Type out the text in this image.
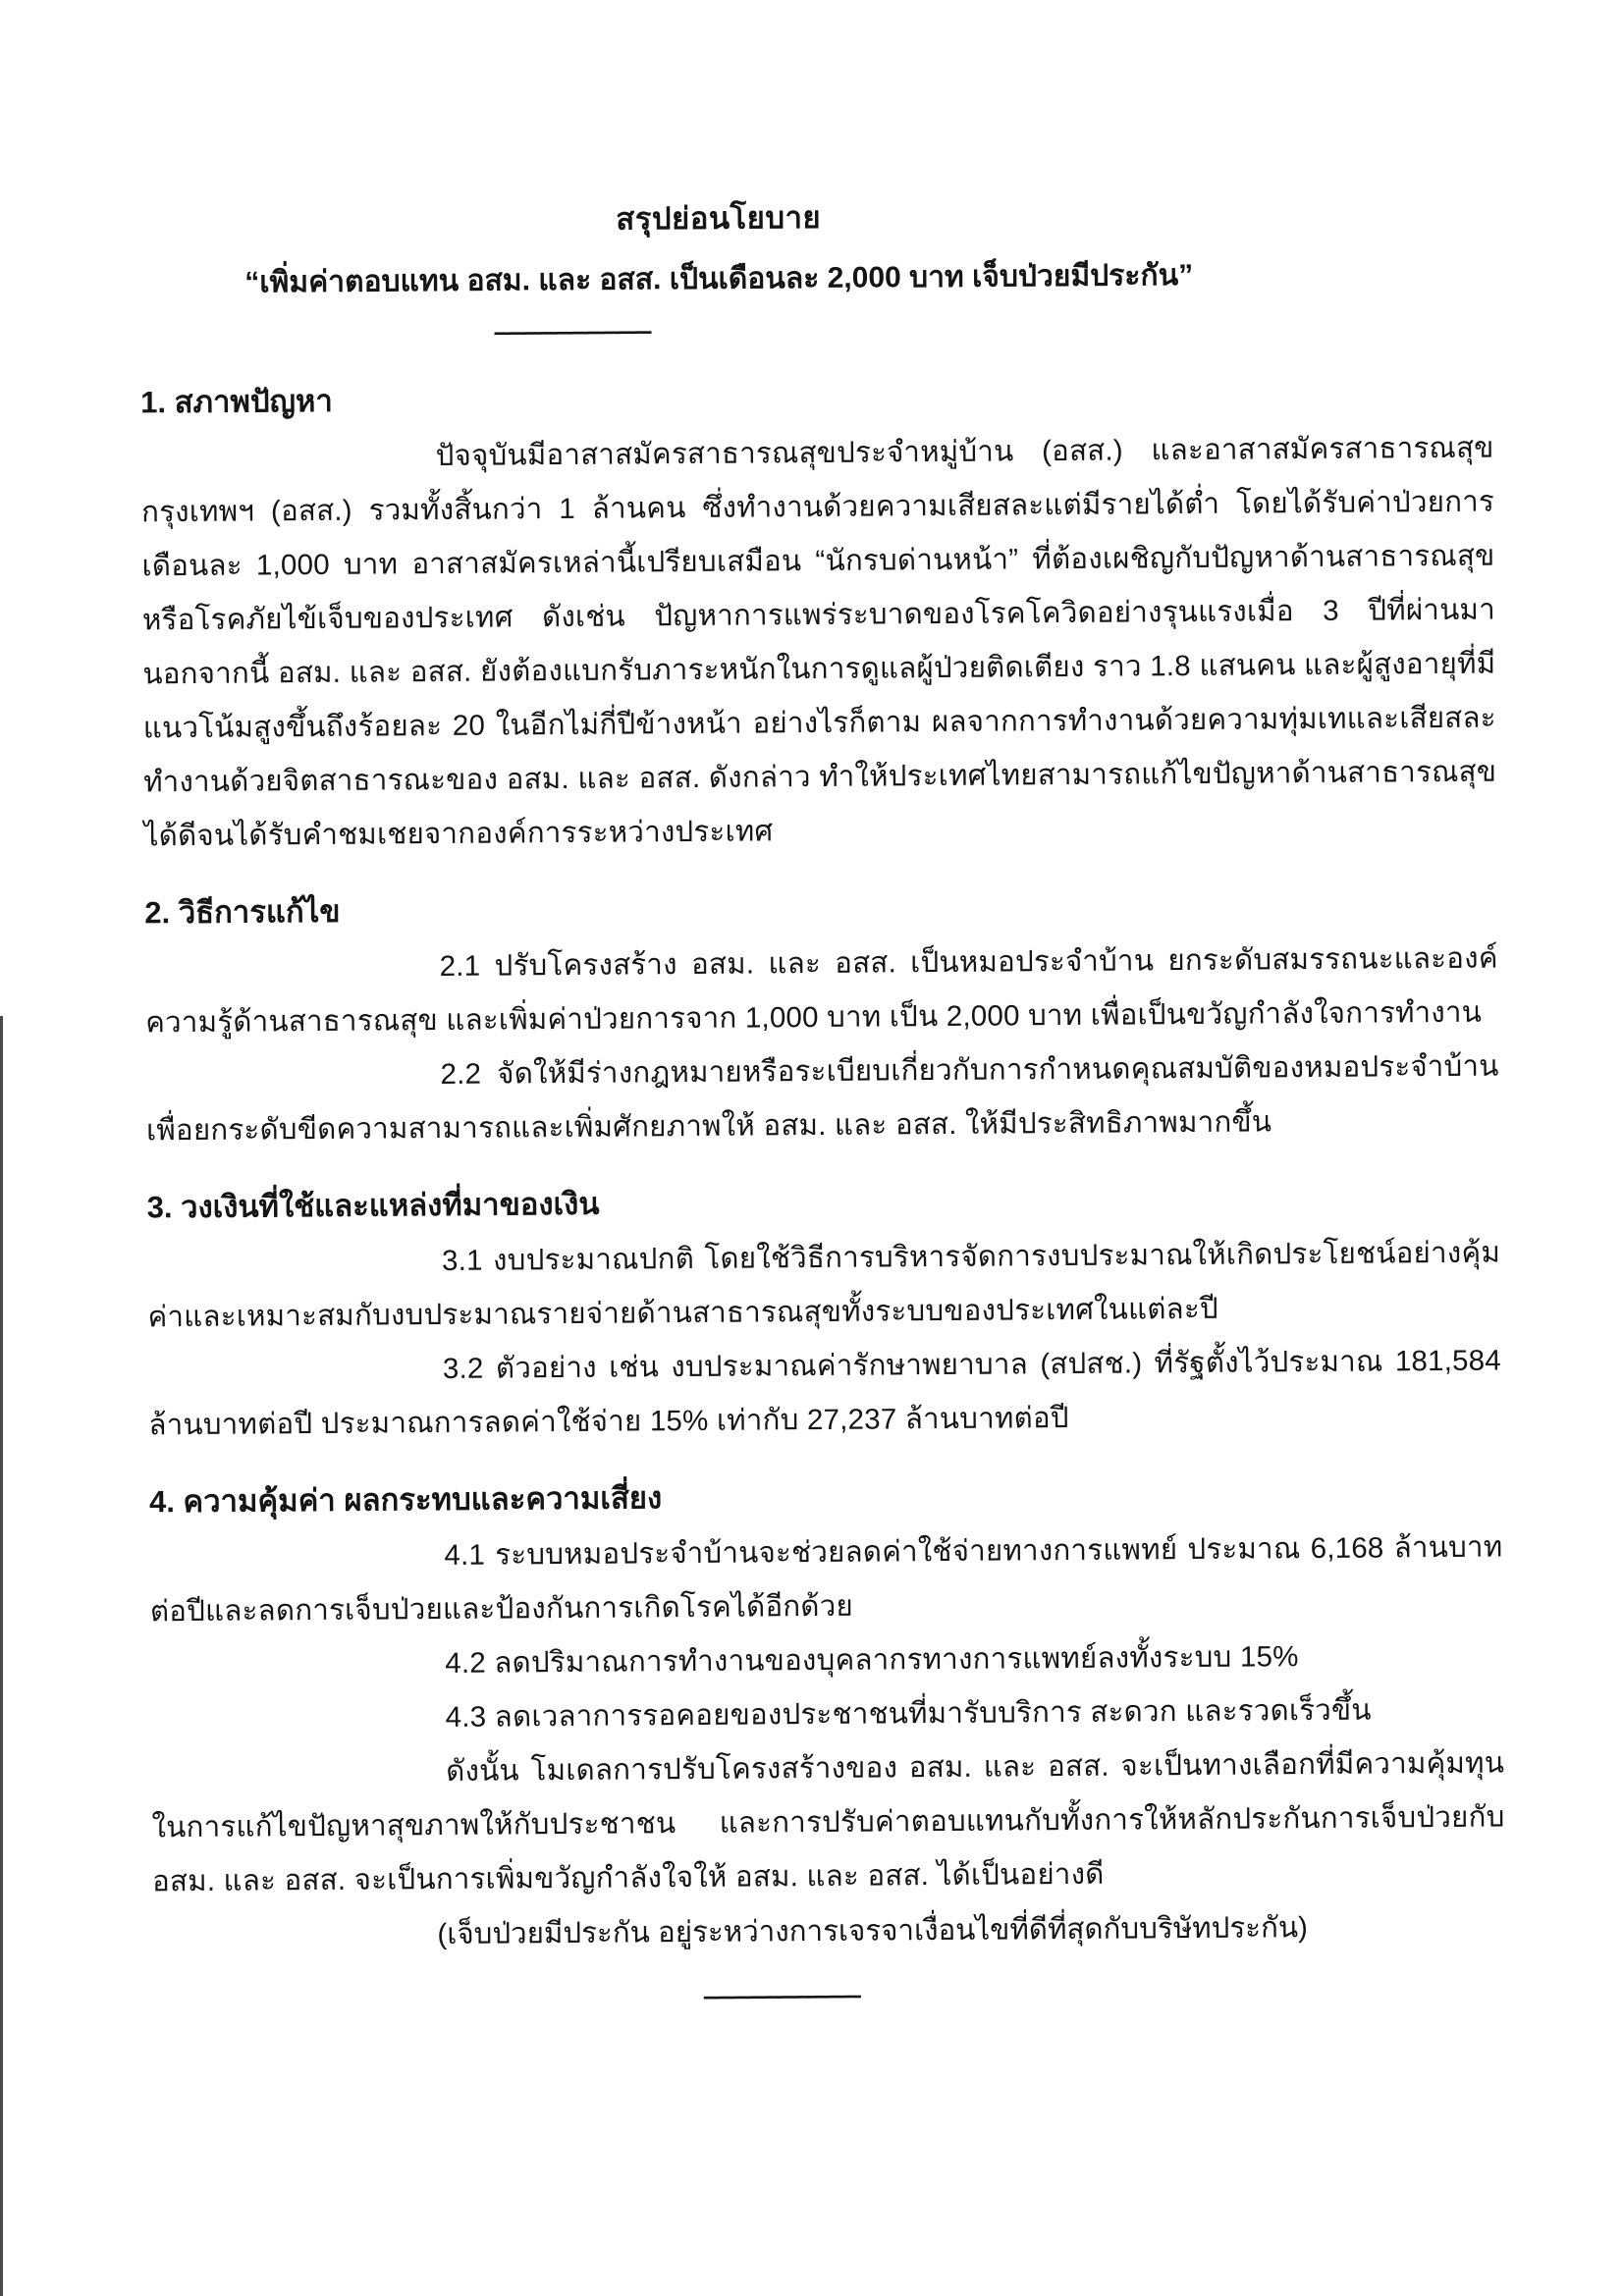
สรุปย่อนโยบาย
“เพิ่มค่าตอบแทน อสม. และ อสส. เป็นเดือนละ 2,000 บาท เจ็บป่วยมีประกัน”
------------------------------
1. สภาพปัญหา

ปัจจุบันมีอาสาสมัครสาธารณสุขประจำหมู่บ้าน (อสส.) และอาสาสมัครสาธารณสุขกรุงเทพฯ (อสส.) รวมทั้งสิ้นกว่า 1 ล้านคน ซึ่งทำงานด้วยความเสียสละแต่มีรายได้ต่ำ โดยได้รับค่าป่วยการเดือนละ 1,000 บาท อาสาสมัครเหล่านี้เปรียบเสมือน “นักรบด่านหน้า” ที่ต้องเผชิญกับปัญหาด้านสาธารณสุขหรือ​โรคภัยไข้เจ็บของประเทศ ดังเช่น ปัญหาการแพร่ระบาดของโรคโควิดอย่างรุนแรงเมื่อ 3 ปีที่ผ่านมา นอกจากนี้ อสม. และ อสส. ยังต้องแบกรับภาระหนักในการดูแลผู้ป่วยติดเตียง ราว 1.8 แสนคน และผู้สูงอายุที่มีแนวโน้ม​สูงขึ้นถึงร้อยละ 20 ในอีกไม่กี่ปีข้างหน้า อย่างไรก็ตาม ผลจากการทำงานด้วยความทุ่มเทและเสียสละ ทำงาน​ด้วยจิตสาธารณะของ อสม. และ อสส. ดังกล่าว ทำให้ประเทศไทยสามารถแก้ไขปัญหาด้านสาธารณสุขได้ดี​จนได้รับคำชมเชยจากองค์การระหว่างประเทศ

2. วิธีการแก้ไข

2.1 ปรับโครงสร้าง อสม. และ อสส. เป็นหมอประจำบ้าน ยกระดับสมรรถนะและองค์ความรู้​ด้านสาธารณสุข และเพิ่มค่าป่วยการจาก 1,000 บาท เป็น 2,000 บาท เพื่อเป็นขวัญกำลังใจการทำงาน

2.2 จัดให้มีร่างกฎหมายหรือระเบียบเกี่ยวกับการกำหนดคุณสมบัติของหมอประจำบ้าน เพื่อ​ยกระดับขีดความสามารถและเพิ่มศักยภาพให้ อสม. และ อสส. ให้มีประสิทธิภาพมากขึ้น

3. วงเงินที่ใช้และแหล่งที่มาของเงิน

3.1 งบประมาณปกติ โดยใช้วิธีการบริหารจัดการงบประมาณให้เกิดประโยชน์อย่างคุ้มค่า​และเหมาะสมกับงบประมาณรายจ่ายด้านสาธารณสุขทั้งระบบของประเทศในแต่ละปี

3.2 ตัวอย่าง เช่น งบประมาณค่ารักษาพยาบาล (สปสช.) ที่รัฐตั้งไว้ประมาณ 181,584 ล้าน​บาทต่อปี ประมาณการลดค่าใช้จ่าย 15% เท่ากับ 27,237 ล้านบาทต่อปี

4. ความคุ้มค่า ผลกระทบและความเสี่ยง

4.1 ระบบหมอประจำบ้านจะช่วยลดค่าใช้จ่ายทางการแพทย์ ประมาณ 6,168 ล้านบาทต่อปี​และลดการเจ็บป่วยและป้องกันการเกิดโรคได้อีกด้วย

4.2 ลดปริมาณการทำงานของบุคลากรทางการแพทย์ลงทั้งระบบ 15%

4.3 ลดเวลาการรอคอยของประชาชนที่มารับบริการ สะดวก และรวดเร็วขึ้น

ดังนั้น โมเดลการปรับโครงสร้างของ อสม. และ อสส. จะเป็นทางเลือกที่มีความคุ้มทุนในการ​แก้ไขปัญหาสุขภาพให้กับประชาชน และการปรับค่าตอบแทนกับทั้งการให้หลักประกันการเจ็บป่วยกับ อสม. และ อสส. จะเป็นการเพิ่มขวัญกำลังใจให้ อสม. และ อสส. ได้เป็นอย่างดี

(เจ็บป่วยมีประกัน อยู่ระหว่างการเจรจาเงื่อนไขที่ดีที่สุดกับบริษัทประกัน)
------------------------------
